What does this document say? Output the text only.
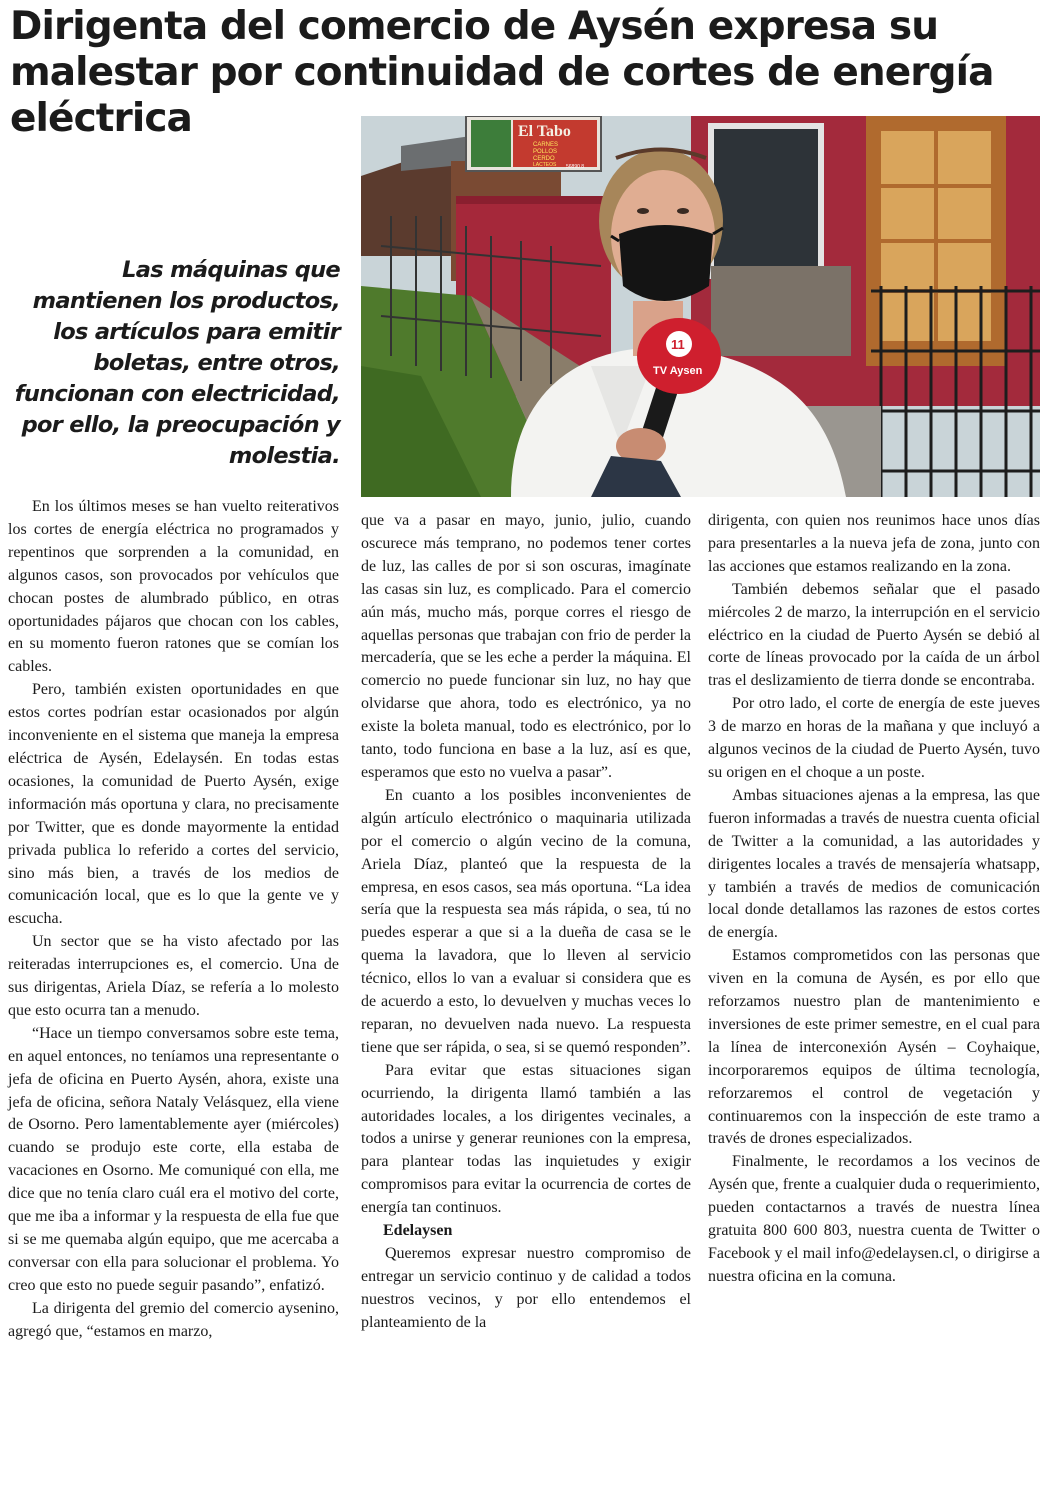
Dirigenta del comercio de Aysén expresa su malestar por continuidad de cortes de energía eléctrica	El Tabo
CARNES
POLLOS
CERDO
LACTEOS 56890 8
11
TV Aysen

Las máquinas que mantienen los productos, los artículos para emitir boletas, entre otros, funcionan con electricidad, por ello, la preocupación y molestia.

En los últimos meses se han vuelto reiterativos los cortes de energía eléctrica no programados y repentinos que sorprenden a la comunidad, en algunos casos, son provocados por vehículos que chocan postes de alumbrado público, en otras oportunidades pájaros que chocan con los cables, en su momento fueron ratones que se comían los cables.

Pero, también existen oportunidades en que estos cortes podrían estar ocasionados por algún inconveniente en el sistema que maneja la empresa eléctrica de Aysén, Edelaysén. En todas estas ocasiones, la comunidad de Puerto Aysén, exige información más oportuna y clara, no precisamente por Twitter, que es donde mayormente la entidad privada publica lo referido a cortes del servicio, sino más bien, a través de los medios de comunicación local, que es lo que la gente ve y escucha.

Un sector que se ha visto afectado por las reiteradas interrupciones es, el comercio. Una de sus dirigentas, Ariela Díaz, se refería a lo molesto que esto ocurra tan a menudo.

“Hace un tiempo conversamos sobre este tema, en aquel entonces, no teníamos una representante o jefa de oficina en Puerto Aysén, ahora, existe una jefa de oficina, señora Nataly Velásquez, ella viene de Osorno. Pero lamentablemente ayer (miércoles) cuando se produjo este corte, ella estaba de vacaciones en Osorno. Me comuniqué con ella, me dice que no tenía claro cuál era el motivo del corte, que me iba a informar y la respuesta de ella fue que si se me quemaba algún equipo, que me acercaba a conversar con ella para solucionar el problema. Yo creo que esto no puede seguir pasando”, enfatizó.

La dirigenta del gremio del comercio aysenino, agregó que, “estamos en marzo,

que va a pasar en mayo, junio, julio, cuando oscurece más temprano, no podemos tener cortes de luz, las calles de por si son oscuras, imagínate las casas sin luz, es complicado. Para el comercio aún más, mucho más, porque corres el riesgo de aquellas personas que trabajan con frio de perder la mercadería, que se les eche a perder la máquina. El comercio no puede funcionar sin luz, no hay que olvidarse que ahora, todo es electrónico, ya no existe la boleta manual, todo es electrónico, por lo tanto, todo funciona en base a la luz, así es que, esperamos que esto no vuelva a pasar”.

En cuanto a los posibles inconvenientes de algún artículo electrónico o maquinaria utilizada por el comercio o algún vecino de la comuna, Ariela Díaz, planteó que la respuesta de la empresa, en esos casos, sea más oportuna. “La idea sería que la respuesta sea más rápida, o sea, tú no puedes esperar a que si a la dueña de casa se le quema la lavadora, que lo lleven al servicio técnico, ellos lo van a evaluar si considera que es de acuerdo a esto, lo devuelven y muchas veces lo reparan, no devuelven nada nuevo. La respuesta tiene que ser rápida, o sea, si se quemó responden”.

Para evitar que estas situaciones sigan ocurriendo, la dirigenta llamó también a las autoridades locales, a los dirigentes vecinales, a todos a unirse y generar reuniones con la empresa, para plantear todas las inquietudes y exigir compromisos para evitar la ocurrencia de cortes de energía tan continuos.

Edelaysen

Queremos expresar nuestro compromiso de entregar un servicio continuo y de calidad a todos nuestros vecinos, y por ello entendemos el planteamiento de la

dirigenta, con quien nos reunimos hace unos días para presentarles a la nueva jefa de zona, junto con las acciones que estamos realizando en la zona.

También debemos señalar que el pasado miércoles 2 de marzo, la interrupción en el servicio eléctrico en la ciudad de Puerto Aysén se debió al corte de líneas provocado por la caída de un árbol tras el deslizamiento de tierra donde se encontraba.

Por otro lado, el corte de energía de este jueves 3 de marzo en horas de la mañana y que incluyó a algunos vecinos de la ciudad de Puerto Aysén, tuvo su origen en el choque a un poste.

Ambas situaciones ajenas a la empresa, las que fueron informadas a través de nuestra cuenta oficial de Twitter a la comunidad, a las autoridades y dirigentes locales a través de mensajería whatsapp, y también a través de medios de comunicación local donde detallamos las razones de estos cortes de energía.

Estamos comprometidos con las personas que viven en la comuna de Aysén, es por ello que reforzamos nuestro plan de mantenimiento e inversiones de este primer semestre, en el cual para la línea de interconexión Aysén – Coyhaique, incorporaremos equipos de última tecnología, reforzaremos el control de vegetación y continuaremos con la inspección de este tramo a través de drones especializados.

Finalmente, le recordamos a los vecinos de Aysén que, frente a cualquier duda o requerimiento, pueden contactarnos a través de nuestra línea gratuita 800 600 803, nuestra cuenta de Twitter o Facebook y el mail info@edelaysen.cl, o dirigirse a nuestra oficina en la comuna.
